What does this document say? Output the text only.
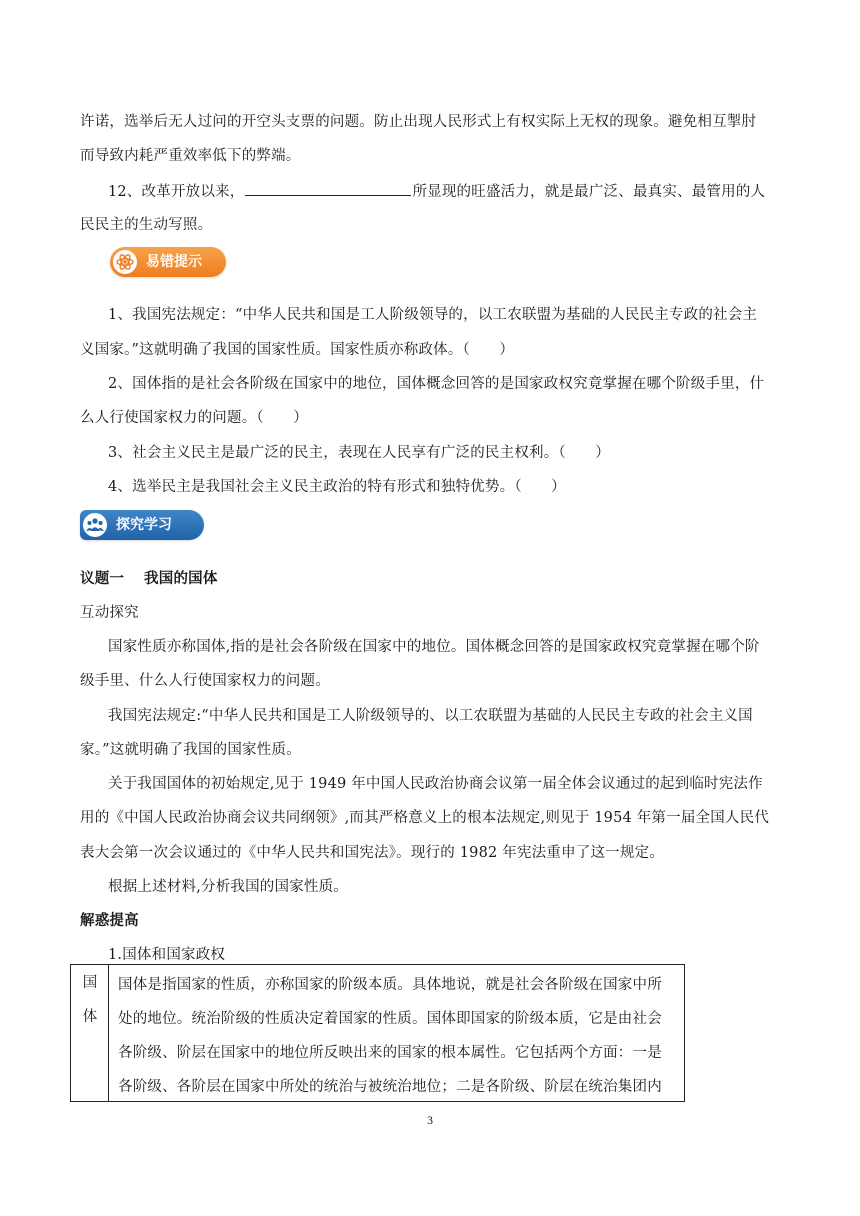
许诺，选举后无人过问的开空头支票的问题。防止出现人民形式上有权实际上无权的现象。避免相互掣肘
而导致内耗严重效率低下的弊端。
12、改革开放以来，	所显现的旺盛活力，就是最广泛、最真实、最管用的人
民民主的生动写照。
易错提示
1、我国宪法规定：“中华人民共和国是工人阶级领导的，以工农联盟为基础的人民民主专政的社会主
义国家。”这就明确了我国的国家性质。国家性质亦称政体。（　　）
2、国体指的是社会各阶级在国家中的地位，国体概念回答的是国家政权究竟掌握在哪个阶级手里，什
么人行使国家权力的问题。（　　）
3、社会主义民主是最广泛的民主，表现在人民享有广泛的民主权利。（　　）
4、选举民主是我国社会主义民主政治的特有形式和独特优势。（　　）
探究学习
议题一　 我国的国体
互动探究
国家性质亦称国体,指的是社会各阶级在国家中的地位。国体概念回答的是国家政权究竟掌握在哪个阶
级手里、什么人行使国家权力的问题。
我国宪法规定:“中华人民共和国是工人阶级领导的、以工农联盟为基础的人民民主专政的社会主义国
家。”这就明确了我国的国家性质。
关于我国国体的初始规定,见于 1949 年中国人民政治协商会议第一届全体会议通过的起到临时宪法作
用的《中国人民政治协商会议共同纲领》,而其严格意义上的根本法规定,则见于 1954 年第一届全国人民代
表大会第一次会议通过的《中华人民共和国宪法》。现行的 1982 年宪法重申了这一规定。
根据上述材料,分析我国的国家性质。
解惑提高
1.国体和国家政权
国
体
国体是指国家的性质，亦称国家的阶级本质。具体地说，就是社会各阶级在国家中所
处的地位。统治阶级的性质决定着国家的性质。国体即国家的阶级本质，它是由社会
各阶级、阶层在国家中的地位所反映出来的国家的根本属性。它包括两个方面：一是
各阶级、各阶层在国家中所处的统治与被统治地位；二是各阶级、阶层在统治集团内
3
